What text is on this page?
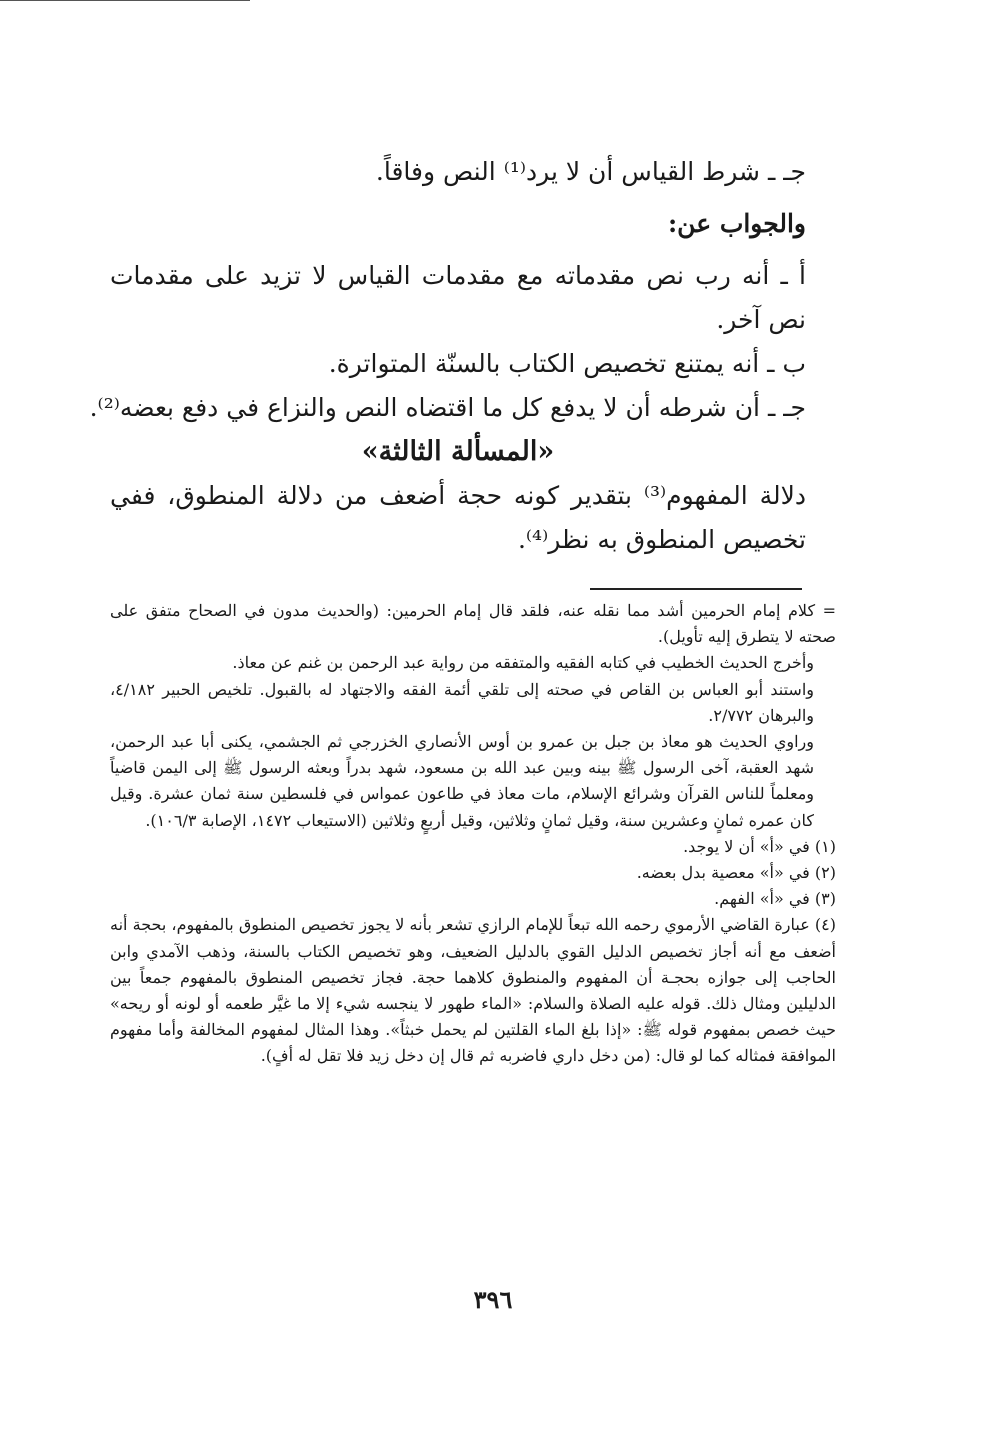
جـ ـ شرط القياس أن لا يرد⁽¹⁾ النص وفاقاً.

والجواب عن:

أ ـ أنه رب نص مقدماته مع مقدمات القياس لا تزيد على مقدمات نص آخر.

ب ـ أنه يمتنع تخصيص الكتاب بالسنّة المتواترة.

جـ ـ أن شرطه أن لا يدفع كل ما اقتضاه النص والنزاع في دفع بعضه⁽²⁾.

«المسألة الثالثة»

دلالة المفهوم⁽³⁾ بتقدير كونه حجة أضعف من دلالة المنطوق، ففي تخصيص المنطوق به نظر⁽⁴⁾.

= كلام إمام الحرمين أشد مما نقله عنه، فلقد قال إمام الحرمين: (والحديث مدون في الصحاح متفق على صحته لا يتطرق إليه تأويل).

وأخرج الحديث الخطيب في كتابه الفقيه والمتفقه من رواية عبد الرحمن بن غنم عن معاذ.

واستند أبو العباس بن القاص في صحته إلى تلقي أئمة الفقه والاجتهاد له بالقبول. تلخيص الحبير ٤/١٨٢، والبرهان ٢/٧٧٢.

وراوي الحديث هو معاذ بن جبل بن عمرو بن أوس الأنصاري الخزرجي ثم الجشمي، يكنى أبا عبد الرحمن، شهد العقبة، آخى الرسول ﷺ بينه وبين عبد الله بن مسعود، شهد بدراً وبعثه الرسول ﷺ إلى اليمن قاضياً ومعلماً للناس القرآن وشرائع الإسلام، مات معاذ في طاعون عمواس في فلسطين سنة ثمان عشرة. وقيل كان عمره ثمانٍ وعشرين سنة، وقيل ثمانٍ وثلاثين، وقيل أربعٍ وثلاثين (الاستيعاب ١٤٧٢، الإصابة ١٠٦/٣).

(١) في «أ» أن لا يوجد.

(٢) في «أ» معصية بدل بعضه.

(٣) في «أ» الفهم.

(٤) عبارة القاضي الأرموي رحمه الله تبعاً للإمام الرازي تشعر بأنه لا يجوز تخصيص المنطوق بالمفهوم، بحجة أنه أضعف مع أنه أجاز تخصيص الدليل القوي بالدليل الضعيف، وهو تخصيص الكتاب بالسنة، وذهب الآمدي وابن الحاجب إلى جوازه بحجـة أن المفهوم والمنطوق كلاهما حجة. فجاز تخصيص المنطوق بالمفهوم جمعاً بين الدليلين ومثال ذلك. قوله عليه الصلاة والسلام: «الماء طهور لا ينجسه شيء إلا ما غيَّر طعمه أو لونه أو ريحه» حيث خصص بمفهوم قوله ﷺ: «إذا بلغ الماء القلتين لم يحمل خبثاً». وهذا المثال لمفهوم المخالفة وأما مفهوم الموافقة فمثاله كما لو قال: (من دخل داري فاضربه ثم قال إن دخل زيد فلا تقل له أفٍ).

٣٩٦
